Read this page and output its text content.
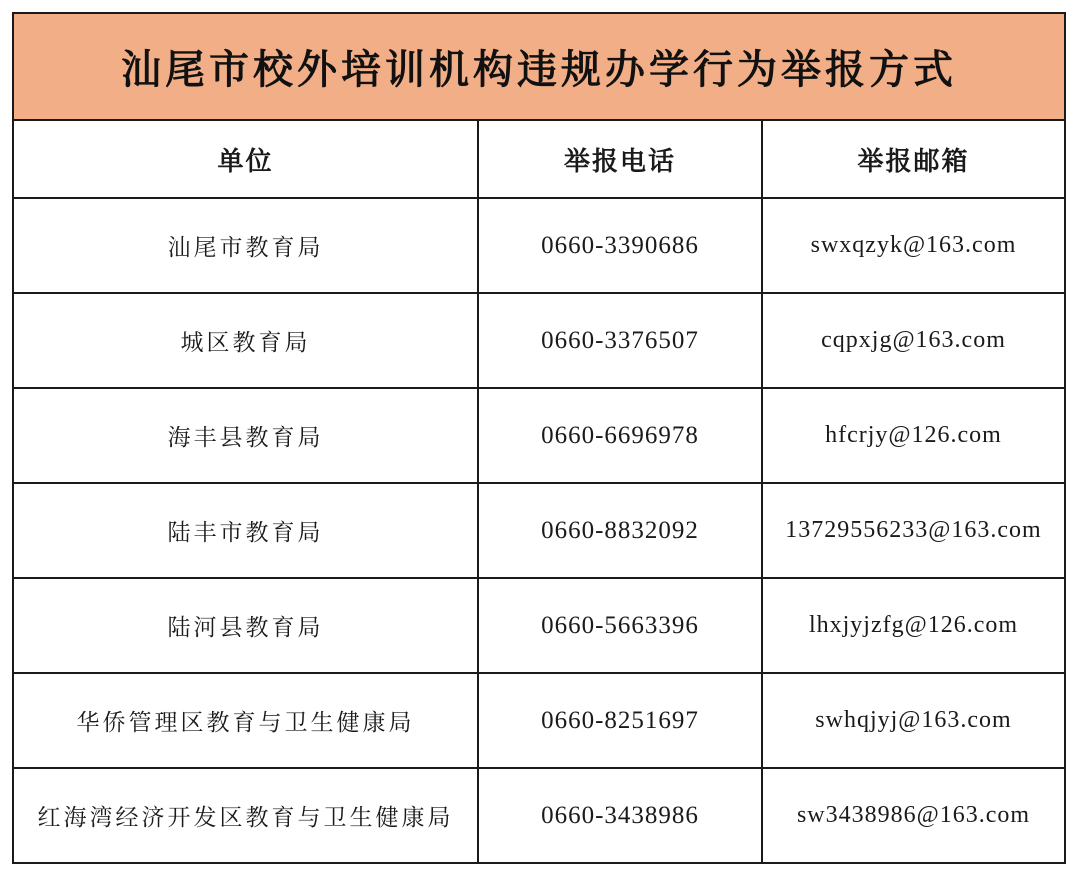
汕尾市校外培训机构违规办学行为举报方式
单位	举报电话	举报邮箱
汕尾市教育局	0660-3390686	swxqzyk@163.com
城区教育局	0660-3376507	cqpxjg@163.com
海丰县教育局	0660-6696978	hfcrjy@126.com
陆丰市教育局	0660-8832092	13729556233@163.com
陆河县教育局	0660-5663396	lhxjyjzfg@126.com
华侨管理区教育与卫生健康局	0660-8251697	swhqjyj@163.com
红海湾经济开发区教育与卫生健康局	0660-3438986	sw3438986@163.com
